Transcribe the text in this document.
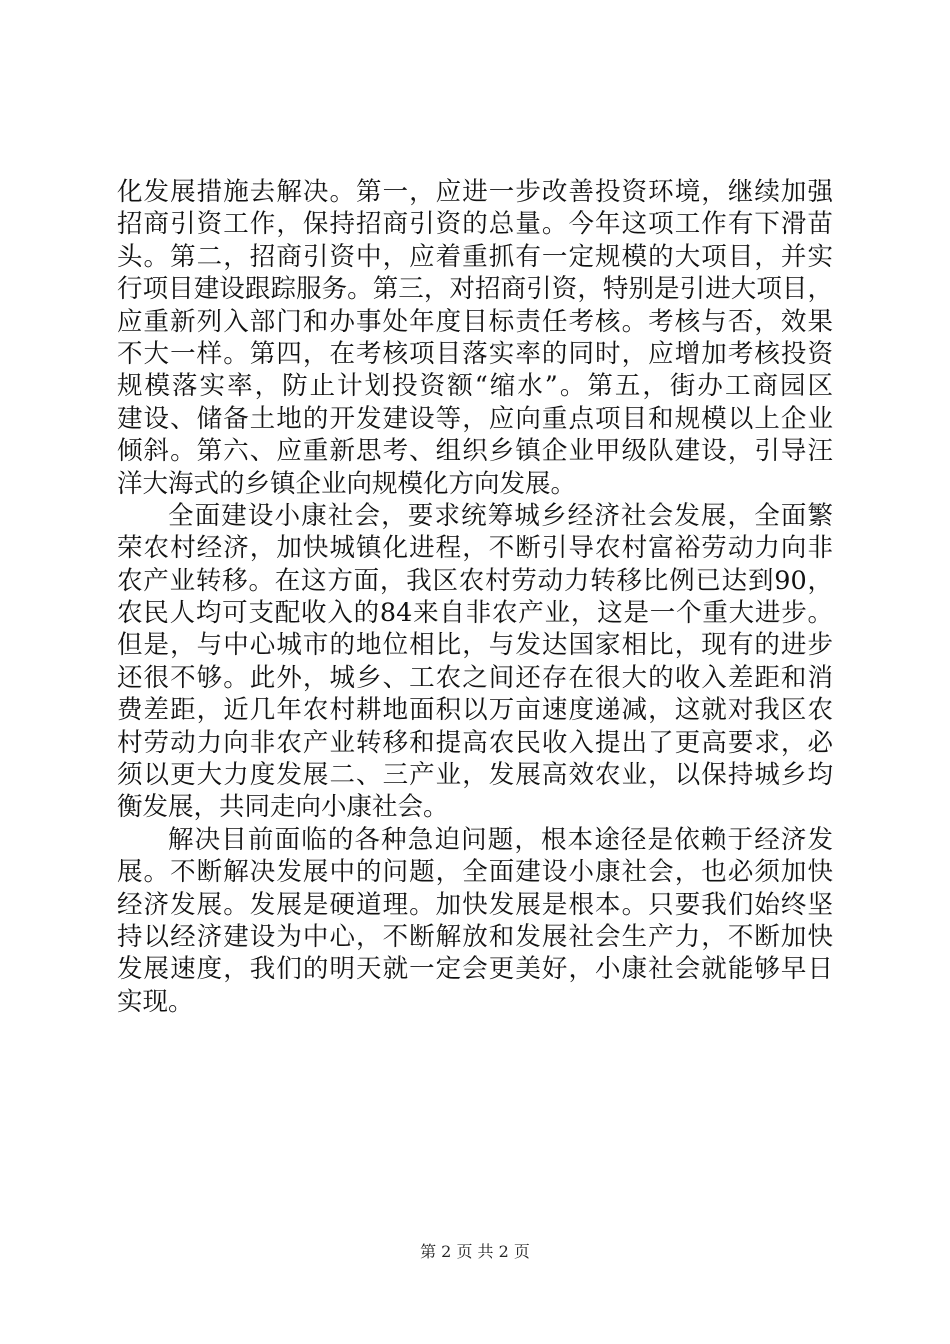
化发展措施去解决。第一，应进一步改善投资环境，继续加强
招商引资工作，保持招商引资的总量。今年这项工作有下滑苗
头。第二，招商引资中，应着重抓有一定规模的大项目，并实
行项目建设跟踪服务。第三，对招商引资，特别是引进大项目，
应重新列入部门和办事处年度目标责任考核。考核与否，效果
不大一样。第四，在考核项目落实率的同时，应增加考核投资
规模落实率，防止计划投资额“缩水”。第五，街办工商园区
建设、储备土地的开发建设等，应向重点项目和规模以上企业
倾斜。第六、应重新思考、组织乡镇企业甲级队建设，引导汪
洋大海式的乡镇企业向规模化方向发展。
全面建设小康社会，要求统筹城乡经济社会发展，全面繁
荣农村经济，加快城镇化进程，不断引导农村富裕劳动力向非
农产业转移。在这方面，我区农村劳动力转移比例已达到90，
农民人均可支配收入的84来自非农产业，这是一个重大进步。
但是，与中心城市的地位相比，与发达国家相比，现有的进步
还很不够。此外，城乡、工农之间还存在很大的收入差距和消
费差距，近几年农村耕地面积以万亩速度递减，这就对我区农
村劳动力向非农产业转移和提高农民收入提出了更高要求，必
须以更大力度发展二、三产业，发展高效农业，以保持城乡均
衡发展，共同走向小康社会。
解决目前面临的各种急迫问题，根本途径是依赖于经济发
展。不断解决发展中的问题，全面建设小康社会，也必须加快
经济发展。发展是硬道理。加快发展是根本。只要我们始终坚
持以经济建设为中心，不断解放和发展社会生产力，不断加快
发展速度，我们的明天就一定会更美好，小康社会就能够早日
实现。
第 2 页 共 2 页
